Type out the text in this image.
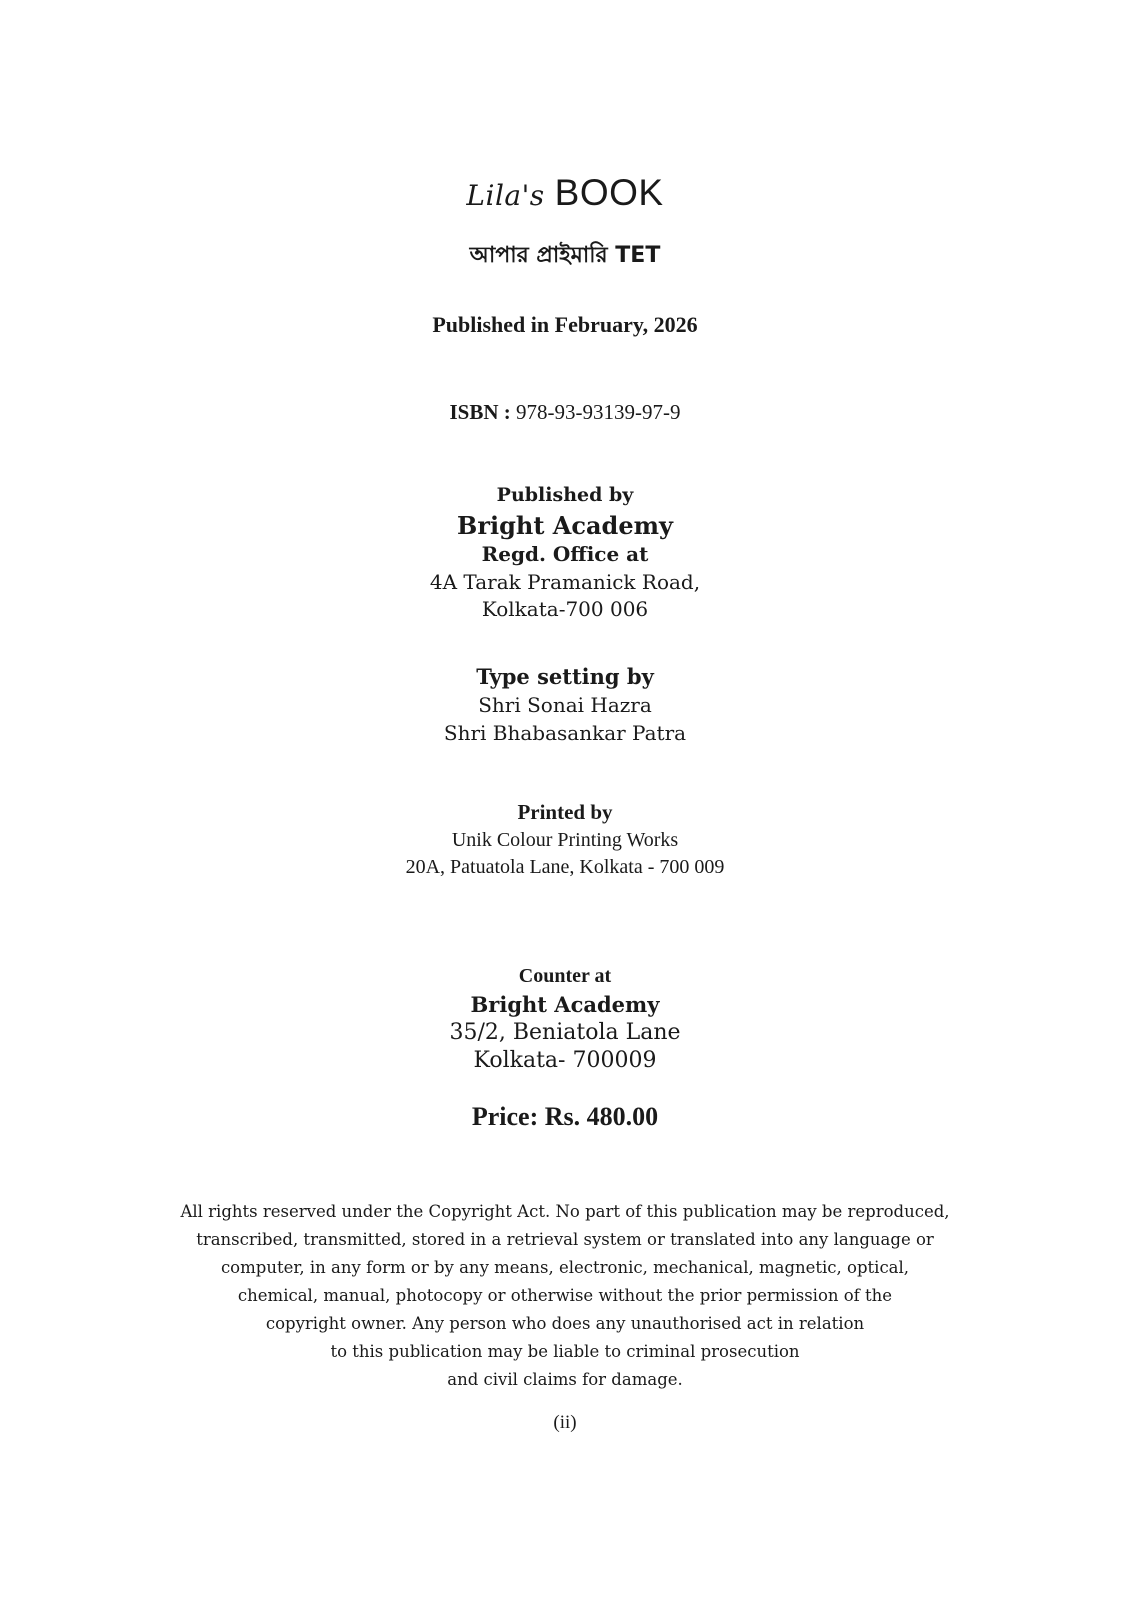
Lila's BOOK
আপার প্রাইমারি TET
Published in February, 2026
ISBN : 978-93-93139-97-9
Published by
Bright Academy
Regd. Office at
4A Tarak Pramanick Road,
Kolkata-700 006
Type setting by
Shri Sonai Hazra
Shri Bhabasankar Patra
Printed by
Unik Colour Printing Works
20A, Patuatola Lane, Kolkata - 700 009
Counter at
Bright Academy
35/2, Beniatola Lane
Kolkata- 700009
Price: Rs. 480.00
All rights reserved under the Copyright Act. No part of this publication may be reproduced,
transcribed, transmitted, stored in a retrieval system or translated into any language or
computer, in any form or by any means, electronic, mechanical, magnetic, optical,
chemical, manual, photocopy or otherwise without the prior permission of the
copyright owner. Any person who does any unauthorised act in relation
to this publication may be liable to criminal prosecution
and civil claims for damage.
(ii)
